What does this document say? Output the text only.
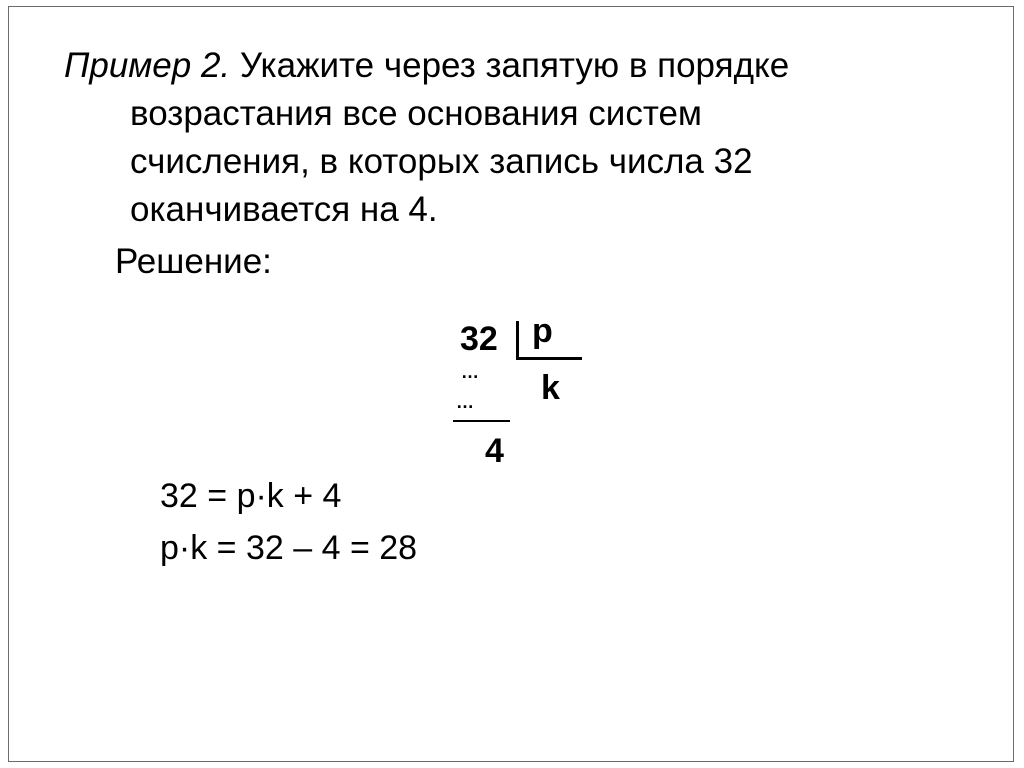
Пример 2. Укажите через запятую в порядке
возрастания все основания систем
счисления, в которых запись числа 32
оканчивается на 4.
Решение:
32 p
k
…
…
4
32 = p·k + 4
p·k = 32 – 4 = 28
